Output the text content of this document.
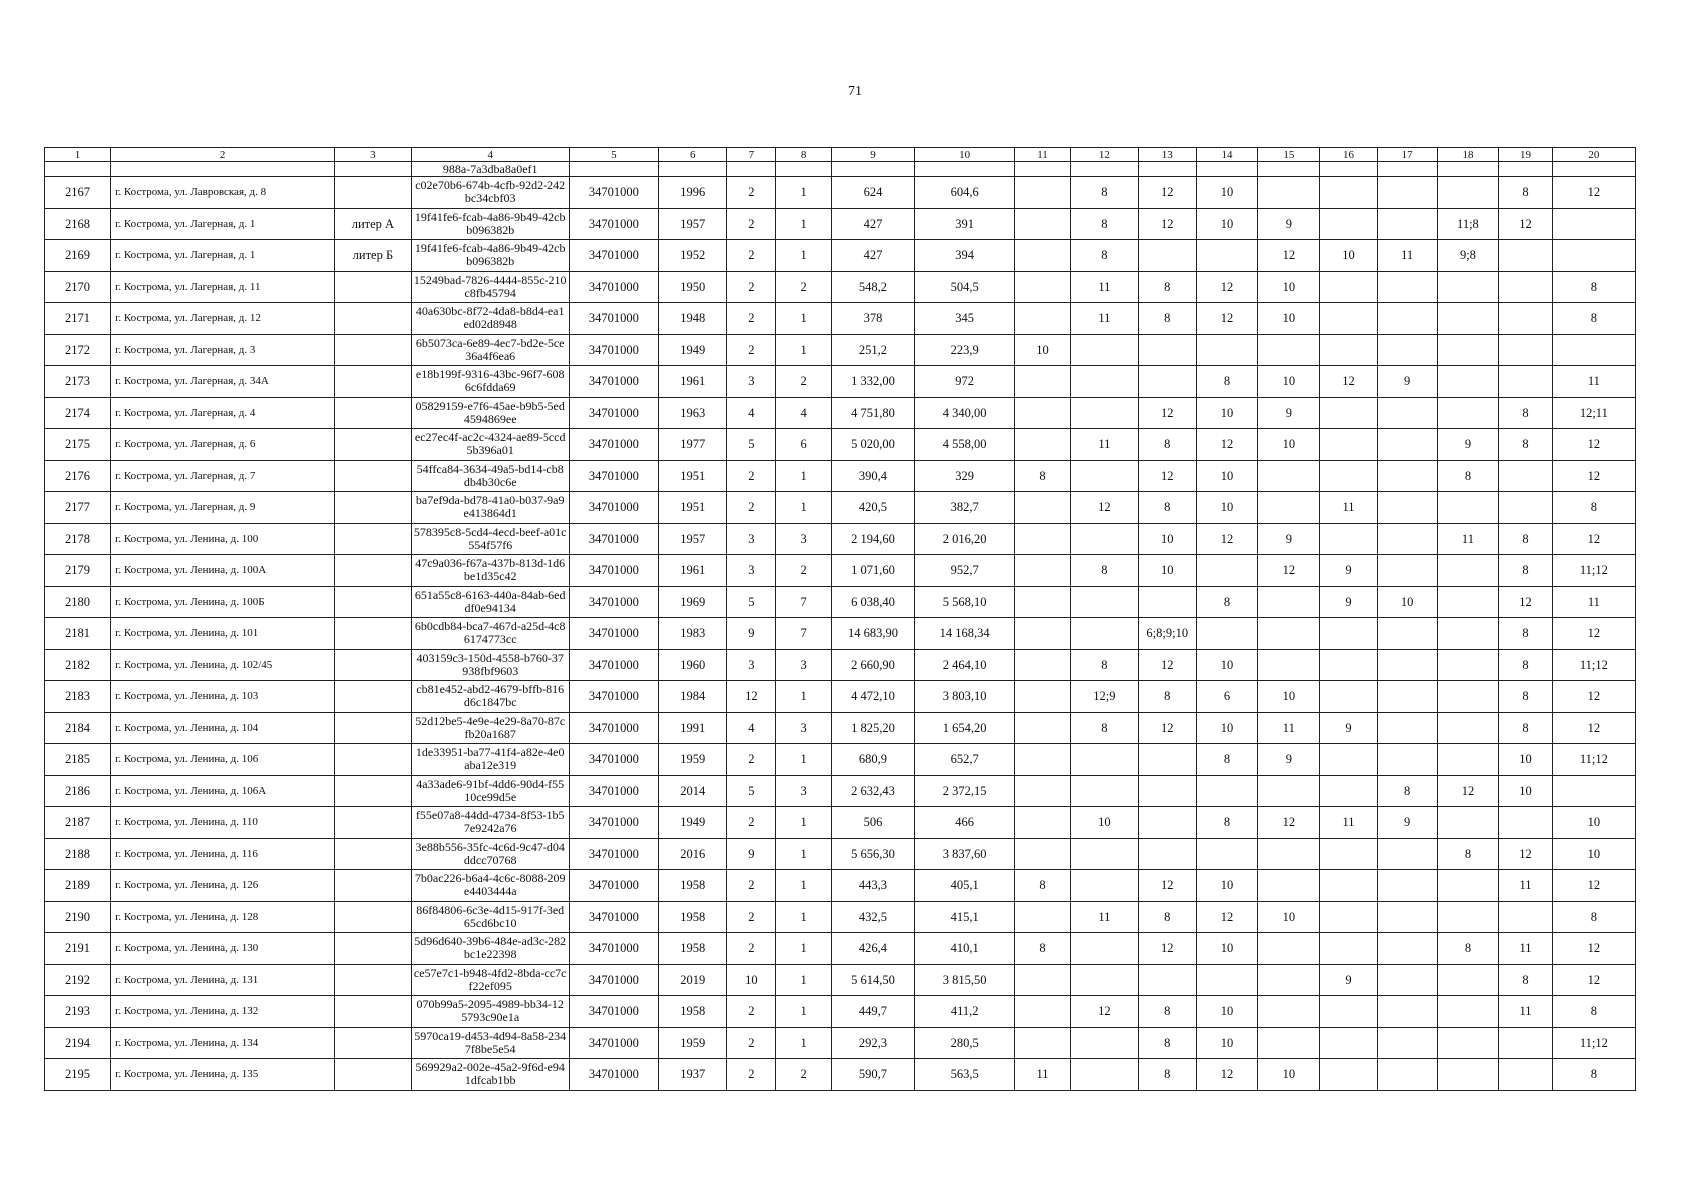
71
1	2	3	4	5	6	7	8	9	10	11	12	13	14	15	16	17	18	19	20
			988a-7a3dba8a0ef1																
2167	г. Кострома, ул. Лавровская, д. 8		c02e70b6-674b-4cfb-92d2-242bc34cbf03	34701000	1996	2	1	624	604,6		8	12	10					8	12
2168	г. Кострома, ул. Лагерная, д. 1	литер А	19f41fe6-fcab-4a86-9b49-42cbb096382b	34701000	1957	2	1	427	391		8	12	10	9			11;8	12	
2169	г. Кострома, ул. Лагерная, д. 1	литер Б	19f41fe6-fcab-4a86-9b49-42cbb096382b	34701000	1952	2	1	427	394		8			12	10	11	9;8		
2170	г. Кострома, ул. Лагерная, д. 11		15249bad-7826-4444-855c-210c8fb45794	34701000	1950	2	2	548,2	504,5		11	8	12	10					8
2171	г. Кострома, ул. Лагерная, д. 12		40a630bc-8f72-4da8-b8d4-ea1ed02d8948	34701000	1948	2	1	378	345		11	8	12	10					8
2172	г. Кострома, ул. Лагерная, д. 3		6b5073ca-6e89-4ec7-bd2e-5ce36a4f6ea6	34701000	1949	2	1	251,2	223,9	10									
2173	г. Кострома, ул. Лагерная, д. 34А		e18b199f-9316-43bc-96f7-6086c6fdda69	34701000	1961	3	2	1 332,00	972				8	10	12	9			11
2174	г. Кострома, ул. Лагерная, д. 4		05829159-e7f6-45ae-b9b5-5ed4594869ee	34701000	1963	4	4	4 751,80	4 340,00			12	10	9				8	12;11
2175	г. Кострома, ул. Лагерная, д. 6		ec27ec4f-ac2c-4324-ae89-5ccd5b396a01	34701000	1977	5	6	5 020,00	4 558,00		11	8	12	10			9	8	12
2176	г. Кострома, ул. Лагерная, д. 7		54ffca84-3634-49a5-bd14-cb8db4b30c6e	34701000	1951	2	1	390,4	329	8		12	10				8		12
2177	г. Кострома, ул. Лагерная, д. 9		ba7ef9da-bd78-41a0-b037-9a9e413864d1	34701000	1951	2	1	420,5	382,7		12	8	10		11				8
2178	г. Кострома, ул. Ленина, д. 100		578395c8-5cd4-4ecd-beef-a01c554f57f6	34701000	1957	3	3	2 194,60	2 016,20			10	12	9			11	8	12
2179	г. Кострома, ул. Ленина, д. 100А		47c9a036-f67a-437b-813d-1d6be1d35c42	34701000	1961	3	2	1 071,60	952,7		8	10		12	9			8	11;12
2180	г. Кострома, ул. Ленина, д. 100Б		651a55c8-6163-440a-84ab-6eddf0e94134	34701000	1969	5	7	6 038,40	5 568,10				8		9	10		12	11
2181	г. Кострома, ул. Ленина, д. 101		6b0cdb84-bca7-467d-a25d-4c86174773cc	34701000	1983	9	7	14 683,90	14 168,34			6;8;9;10						8	12
2182	г. Кострома, ул. Ленина, д. 102/45		403159c3-150d-4558-b760-37938fbf9603	34701000	1960	3	3	2 660,90	2 464,10		8	12	10					8	11;12
2183	г. Кострома, ул. Ленина, д. 103		cb81e452-abd2-4679-bffb-816d6c1847bc	34701000	1984	12	1	4 472,10	3 803,10		12;9	8	6	10				8	12
2184	г. Кострома, ул. Ленина, д. 104		52d12be5-4e9e-4e29-8a70-87cfb20a1687	34701000	1991	4	3	1 825,20	1 654,20		8	12	10	11	9			8	12
2185	г. Кострома, ул. Ленина, д. 106		1de33951-ba77-41f4-a82e-4e0aba12e319	34701000	1959	2	1	680,9	652,7				8	9				10	11;12
2186	г. Кострома, ул. Ленина, д. 106А		4a33ade6-91bf-4dd6-90d4-f5510ce99d5e	34701000	2014	5	3	2 632,43	2 372,15							8	12	10	
2187	г. Кострома, ул. Ленина, д. 110		f55e07a8-44dd-4734-8f53-1b57e9242a76	34701000	1949	2	1	506	466		10		8	12	11	9			10
2188	г. Кострома, ул. Ленина, д. 116		3e88b556-35fc-4c6d-9c47-d04ddcc70768	34701000	2016	9	1	5 656,30	3 837,60								8	12	10
2189	г. Кострома, ул. Ленина, д. 126		7b0ac226-b6a4-4c6c-8088-209e4403444a	34701000	1958	2	1	443,3	405,1	8		12	10					11	12
2190	г. Кострома, ул. Ленина, д. 128		86f84806-6c3e-4d15-917f-3ed65cd6bc10	34701000	1958	2	1	432,5	415,1		11	8	12	10					8
2191	г. Кострома, ул. Ленина, д. 130		5d96d640-39b6-484e-ad3c-282bc1e22398	34701000	1958	2	1	426,4	410,1	8		12	10				8	11	12
2192	г. Кострома, ул. Ленина, д. 131		ce57e7c1-b948-4fd2-8bda-cc7cf22ef095	34701000	2019	10	1	5 614,50	3 815,50						9			8	12
2193	г. Кострома, ул. Ленина, д. 132		070b99a5-2095-4989-bb34-125793c90e1a	34701000	1958	2	1	449,7	411,2		12	8	10					11	8
2194	г. Кострома, ул. Ленина, д. 134		5970ca19-d453-4d94-8a58-2347f8be5e54	34701000	1959	2	1	292,3	280,5			8	10						11;12
2195	г. Кострома, ул. Ленина, д. 135		569929a2-002e-45a2-9f6d-e941dfcab1bb	34701000	1937	2	2	590,7	563,5	11		8	12	10					8
